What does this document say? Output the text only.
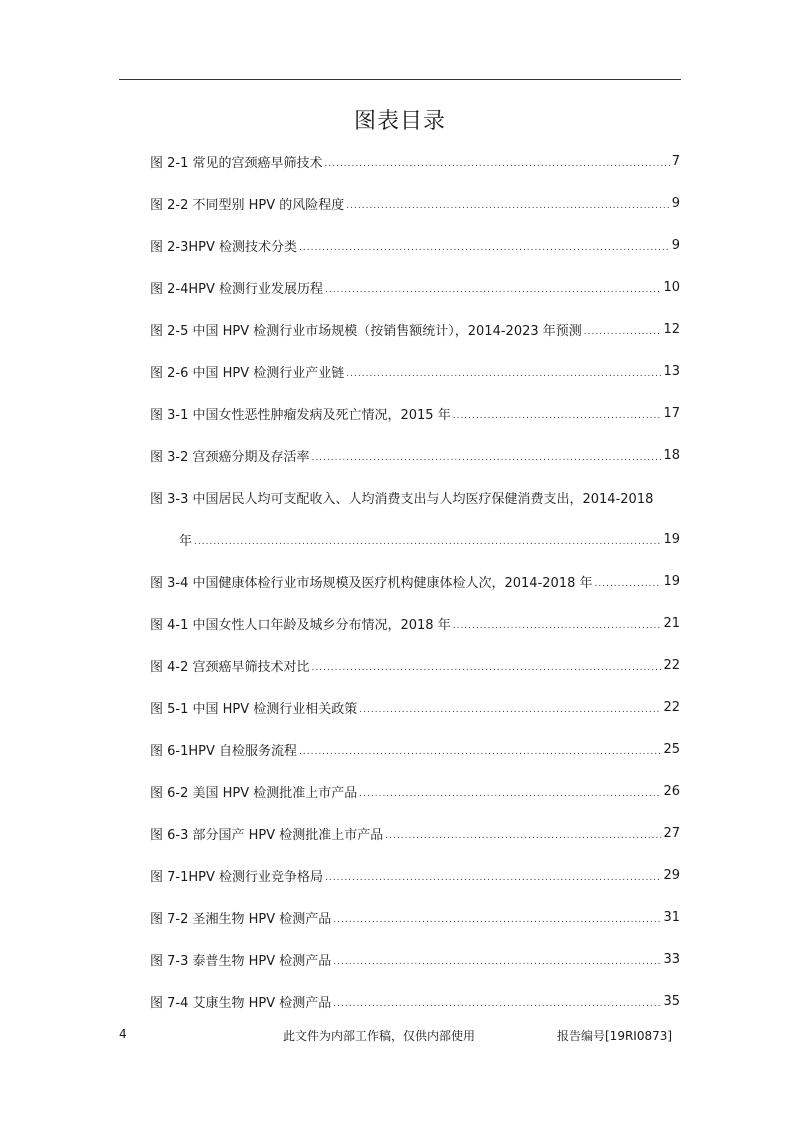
图表目录
图 2-1 常见的宫颈癌早筛技术 .....	7
图 2-2 不同型别 HPV 的风险程度 .....	9
图 2-3HPV 检测技术分类 .....	9
图 2-4HPV 检测行业发展历程 .....	10
图 2-5 中国 HPV 检测行业市场规模（按销售额统计），2014-2023 年预测 .....	12
图 2-6 中国 HPV 检测行业产业链 .....	13
图 3-1 中国女性恶性肿瘤发病及死亡情况，2015 年 .....	17
图 3-2 宫颈癌分期及存活率 .....	18
图 3-3 中国居民人均可支配收入、人均消费支出与人均医疗保健消费支出，2014-2018
年 .....	19
图 3-4 中国健康体检行业市场规模及医疗机构健康体检人次，2014-2018 年 .....	19
图 4-1 中国女性人口年龄及城乡分布情况，2018 年 .....	21
图 4-2 宫颈癌早筛技术对比 .....	22
图 5-1 中国 HPV 检测行业相关政策 .....	22
图 6-1HPV 自检服务流程 .....	25
图 6-2 美国 HPV 检测批准上市产品 .....	26
图 6-3 部分国产 HPV 检测批准上市产品 .....	27
图 7-1HPV 检测行业竞争格局 .....	29
图 7-2 圣湘生物 HPV 检测产品 .....	31
图 7-3 泰普生物 HPV 检测产品 .....	33
图 7-4 艾康生物 HPV 检测产品 .....	35
4	此文件为内部工作稿，仅供内部使用	报告编号[19RI0873]
